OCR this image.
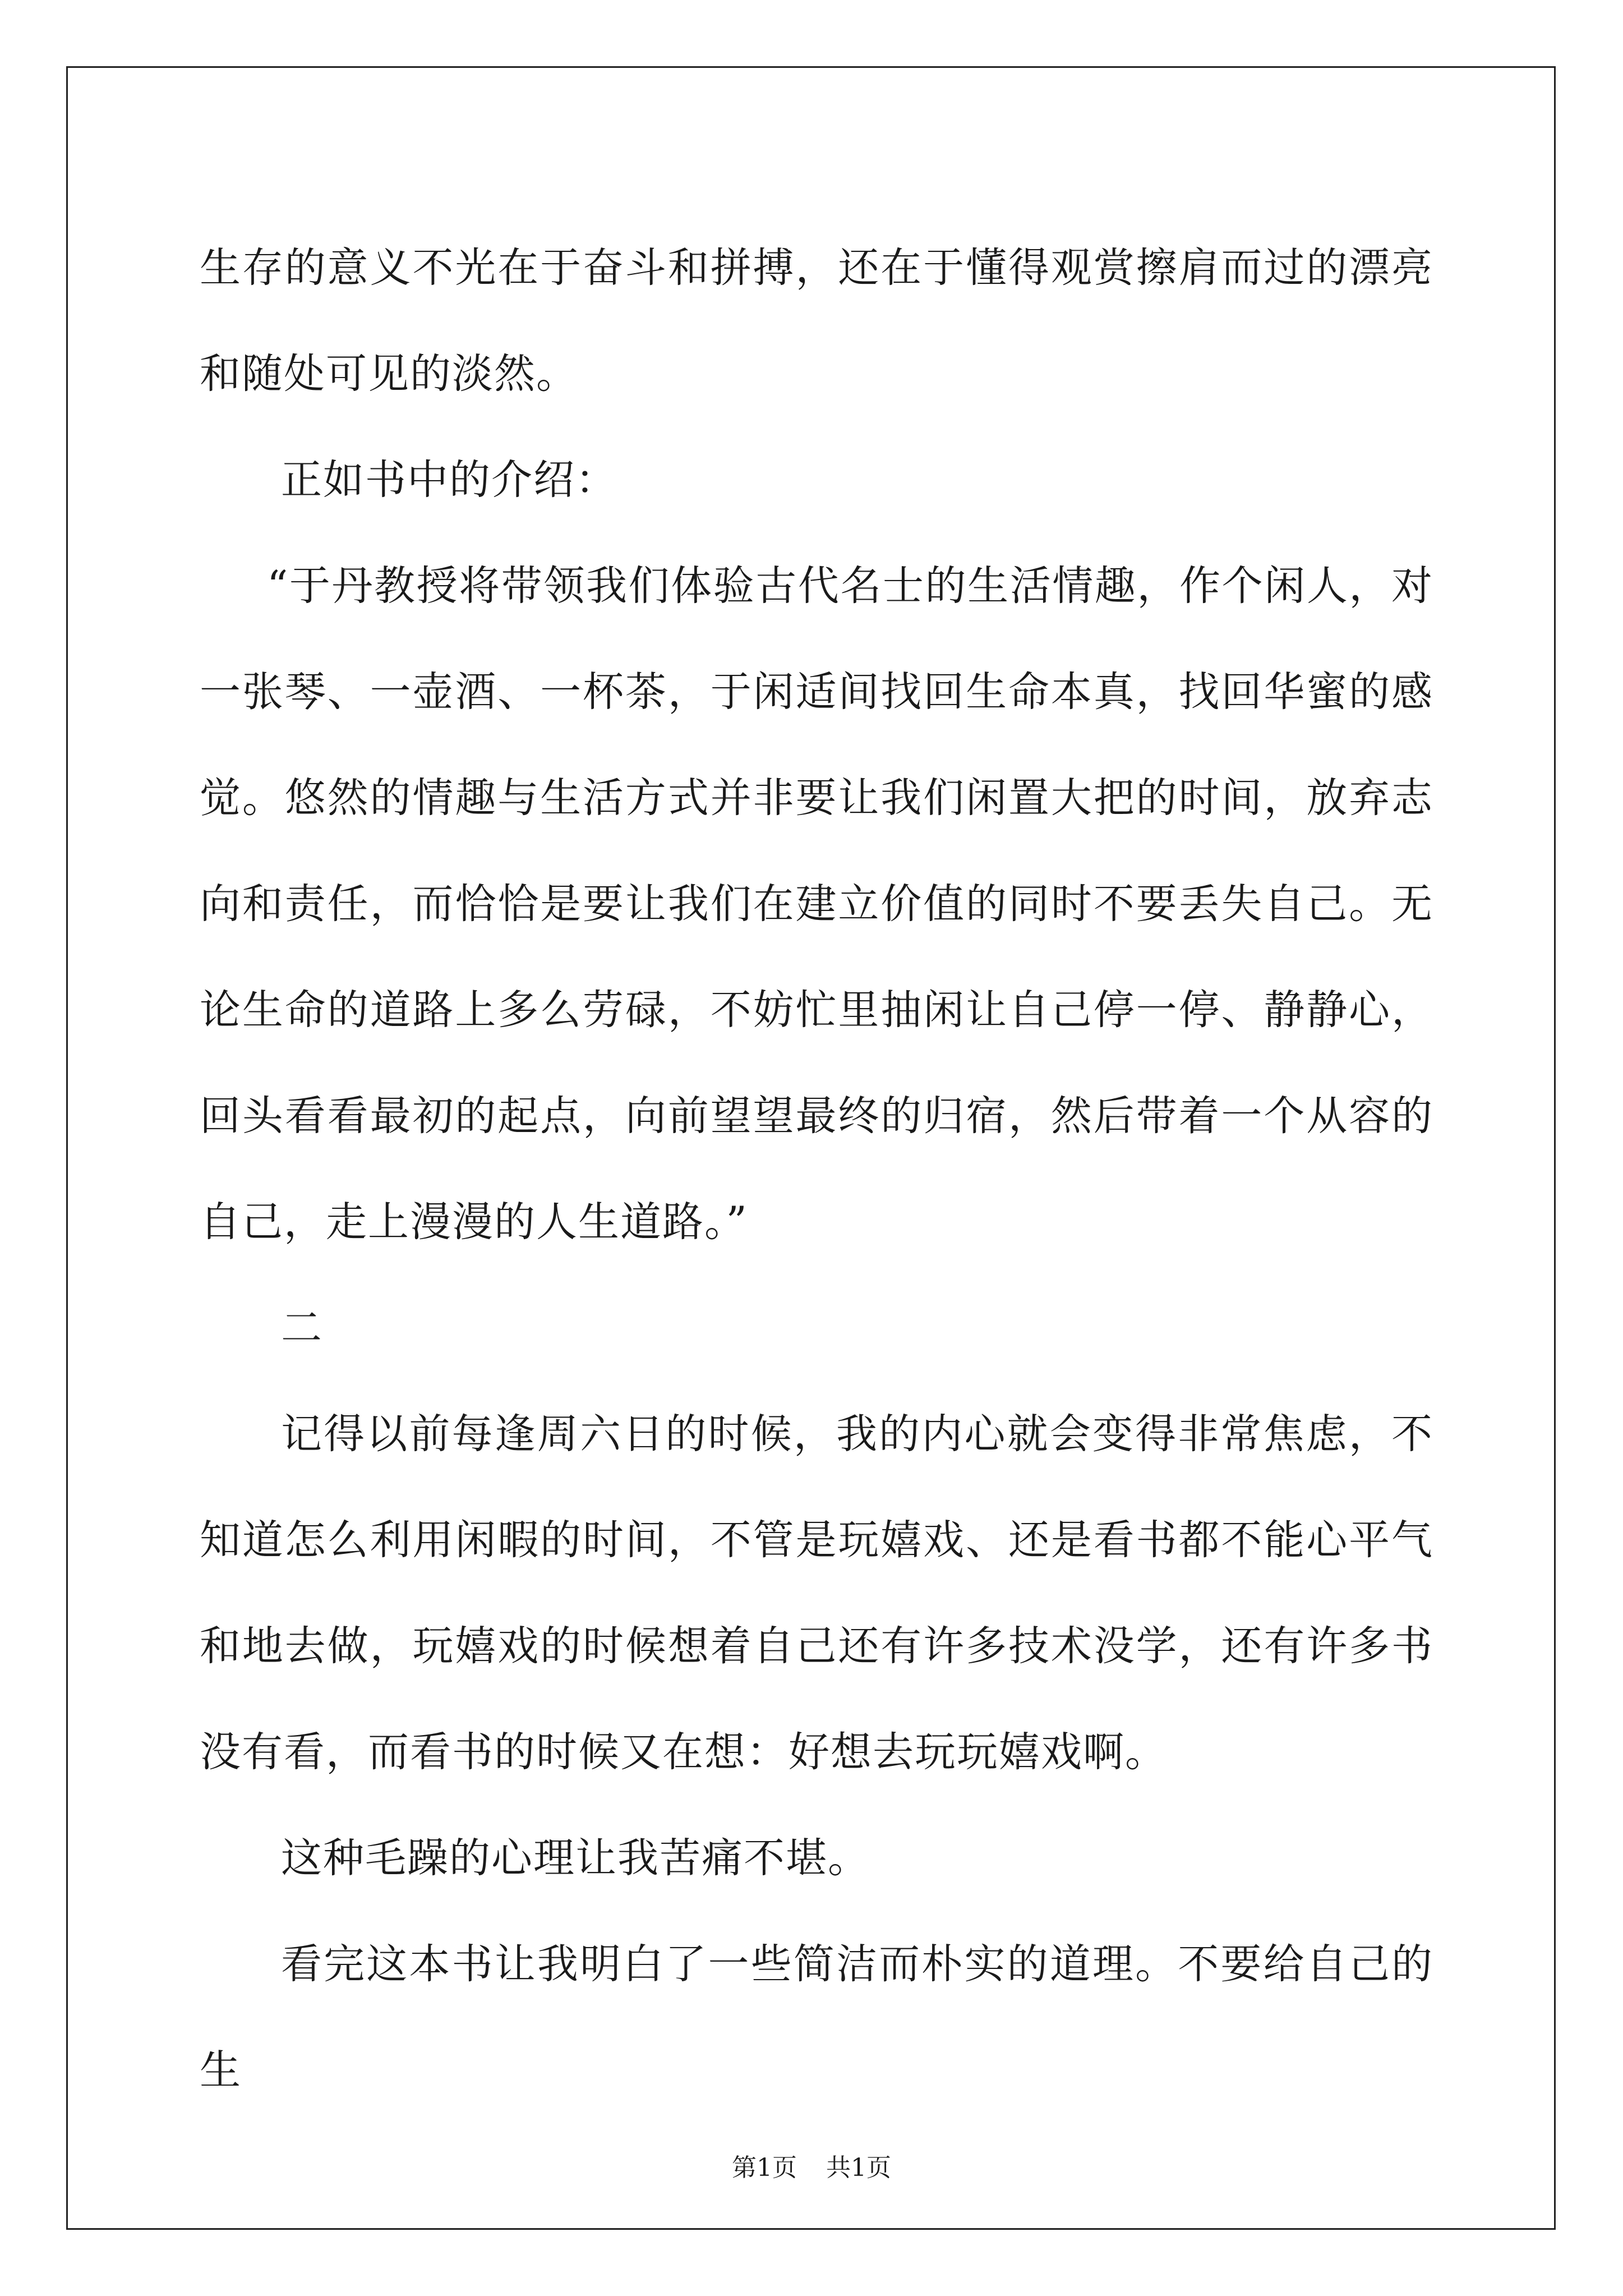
生存的意义不光在于奋斗和拼搏，还在于懂得观赏擦肩而过的漂亮和随处可见的淡然。

正如书中的介绍：

“于丹教授将带领我们体验古代名士的生活情趣，作个闲人，对一张琴、一壶酒、一杯茶，于闲适间找回生命本真，找回华蜜的感觉。悠然的情趣与生活方式并非要让我们闲置大把的时间，放弃志向和责任，而恰恰是要让我们在建立价值的同时不要丢失自己。无论生命的道路上多么劳碌，不妨忙里抽闲让自己停一停、静静心，回头看看最初的起点，向前望望最终的归宿，然后带着一个从容的自己，走上漫漫的人生道路。”

二

记得以前每逢周六日的时候，我的内心就会变得非常焦虑，不知道怎么利用闲暇的时间，不管是玩嬉戏、还是看书都不能心平气和地去做，玩嬉戏的时候想着自己还有许多技术没学，还有许多书没有看，而看书的时候又在想：好想去玩玩嬉戏啊。

这种毛躁的心理让我苦痛不堪。

看完这本书让我明白了一些简洁而朴实的道理。不要给自己的生

第1页 共1页
